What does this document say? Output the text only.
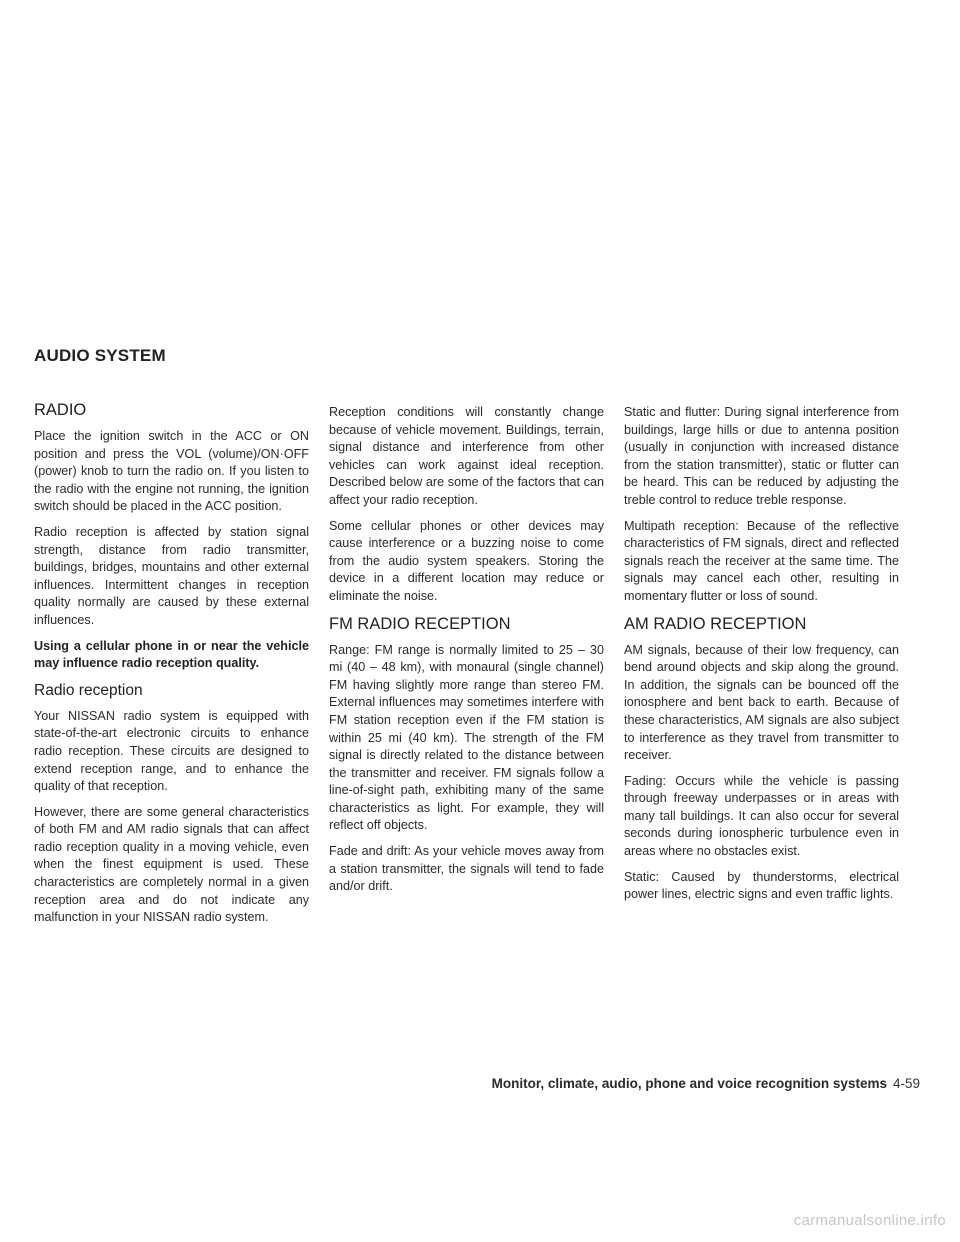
AUDIO SYSTEM
RADIO

Place the ignition switch in the ACC or ON position and press the VOL (volume)/ON·OFF (power) knob to turn the radio on. If you listen to the radio with the engine not running, the ignition switch should be placed in the ACC position.

Radio reception is affected by station signal strength, distance from radio transmitter, buildings, bridges, mountains and other external influences. Intermittent changes in reception quality normally are caused by these external influences.

Using a cellular phone in or near the vehicle may influence radio reception quality.

Radio reception

Your NISSAN radio system is equipped with state-of-the-art electronic circuits to enhance radio reception. These circuits are designed to extend reception range, and to enhance the quality of that reception.

However, there are some general characteristics of both FM and AM radio signals that can affect radio reception quality in a moving vehicle, even when the finest equipment is used. These characteristics are completely normal in a given reception area and do not indicate any malfunction in your NISSAN radio system.

Reception conditions will constantly change because of vehicle movement. Buildings, terrain, signal distance and interference from other vehicles can work against ideal reception. Described below are some of the factors that can affect your radio reception.

Some cellular phones or other devices may cause interference or a buzzing noise to come from the audio system speakers. Storing the device in a different location may reduce or eliminate the noise.

FM RADIO RECEPTION

Range: FM range is normally limited to 25 – 30 mi (40 – 48 km), with monaural (single channel) FM having slightly more range than stereo FM. External influences may sometimes interfere with FM station reception even if the FM station is within 25 mi (40 km). The strength of the FM signal is directly related to the distance between the transmitter and receiver. FM signals follow a line-of-sight path, exhibiting many of the same characteristics as light. For example, they will reflect off objects.

Fade and drift: As your vehicle moves away from a station transmitter, the signals will tend to fade and/or drift.

Static and flutter: During signal interference from buildings, large hills or due to antenna position (usually in conjunction with increased distance from the station transmitter), static or flutter can be heard. This can be reduced by adjusting the treble control to reduce treble response.

Multipath reception: Because of the reflective characteristics of FM signals, direct and reflected signals reach the receiver at the same time. The signals may cancel each other, resulting in momentary flutter or loss of sound.

AM RADIO RECEPTION

AM signals, because of their low frequency, can bend around objects and skip along the ground. In addition, the signals can be bounced off the ionosphere and bent back to earth. Because of these characteristics, AM signals are also subject to interference as they travel from transmitter to receiver.

Fading: Occurs while the vehicle is passing through freeway underpasses or in areas with many tall buildings. It can also occur for several seconds during ionospheric turbulence even in areas where no obstacles exist.

Static: Caused by thunderstorms, electrical power lines, electric signs and even traffic lights.

Monitor, climate, audio, phone and voice recognition systems 4-59
carmanualsonline.info
